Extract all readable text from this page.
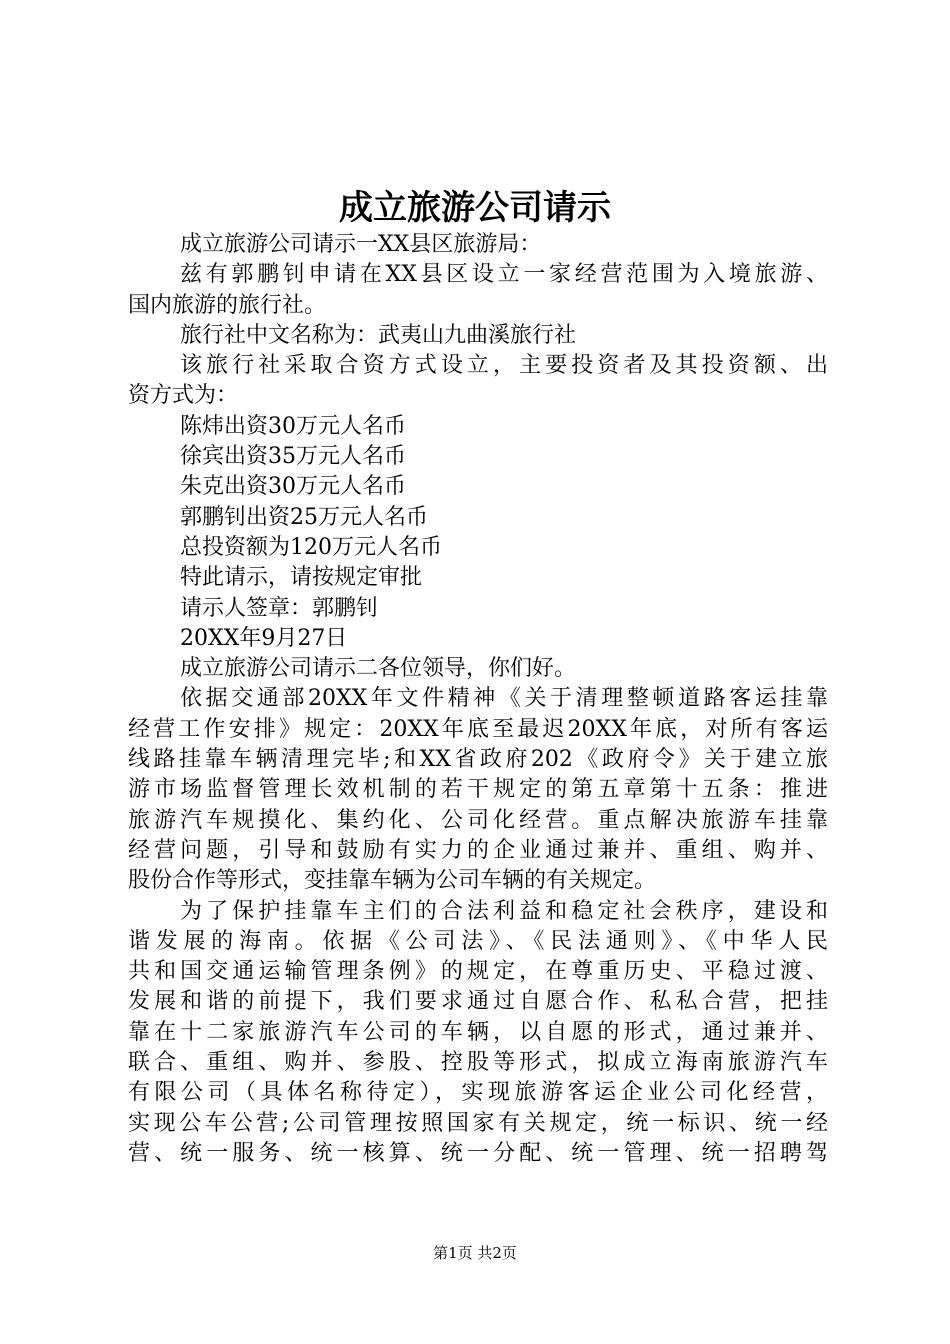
成立旅游公司请示
成立旅游公司请示一XX县区旅游局：
兹有郭鹏钊申请在XX县区设立一家经营范围为入境旅游、
国内旅游的旅行社。
旅行社中文名称为：武夷山九曲溪旅行社
该旅行社采取合资方式设立，主要投资者及其投资额、出
资方式为：
陈炜出资30万元人名币
徐宾出资35万元人名币
朱克出资30万元人名币
郭鹏钊出资25万元人名币
总投资额为120万元人名币
特此请示，请按规定审批
请示人签章：郭鹏钊
20XX年9月27日
成立旅游公司请示二各位领导，你们好。
依据交通部20XX年文件精神《关于清理整顿道路客运挂靠
经营工作安排》规定：20XX年底至最迟20XX年底，对所有客运
线路挂靠车辆清理完毕;和XX省政府202《政府令》关于建立旅
游市场监督管理长效机制的若干规定的第五章第十五条：推进
旅游汽车规摸化、集约化、公司化经营。重点解决旅游车挂靠
经营问题，引导和鼓励有实力的企业通过兼并、重组、购并、
股份合作等形式，变挂靠车辆为公司车辆的有关规定。
为了保护挂靠车主们的合法利益和稳定社会秩序，建设和
谐发展的海南。依据《公司法》、《民法通则》、《中华人民
共和国交通运输管理条例》的规定，在尊重历史、平稳过渡、
发展和谐的前提下，我们要求通过自愿合作、私私合营，把挂
靠在十二家旅游汽车公司的车辆，以自愿的形式，通过兼并、
联合、重组、购并、参股、控股等形式，拟成立海南旅游汽车
有限公司（具体名称待定），实现旅游客运企业公司化经营，
实现公车公营;公司管理按照国家有关规定，统一标识、统一经
营、统一服务、统一核算、统一分配、统一管理、统一招聘驾
第1页 共2页
